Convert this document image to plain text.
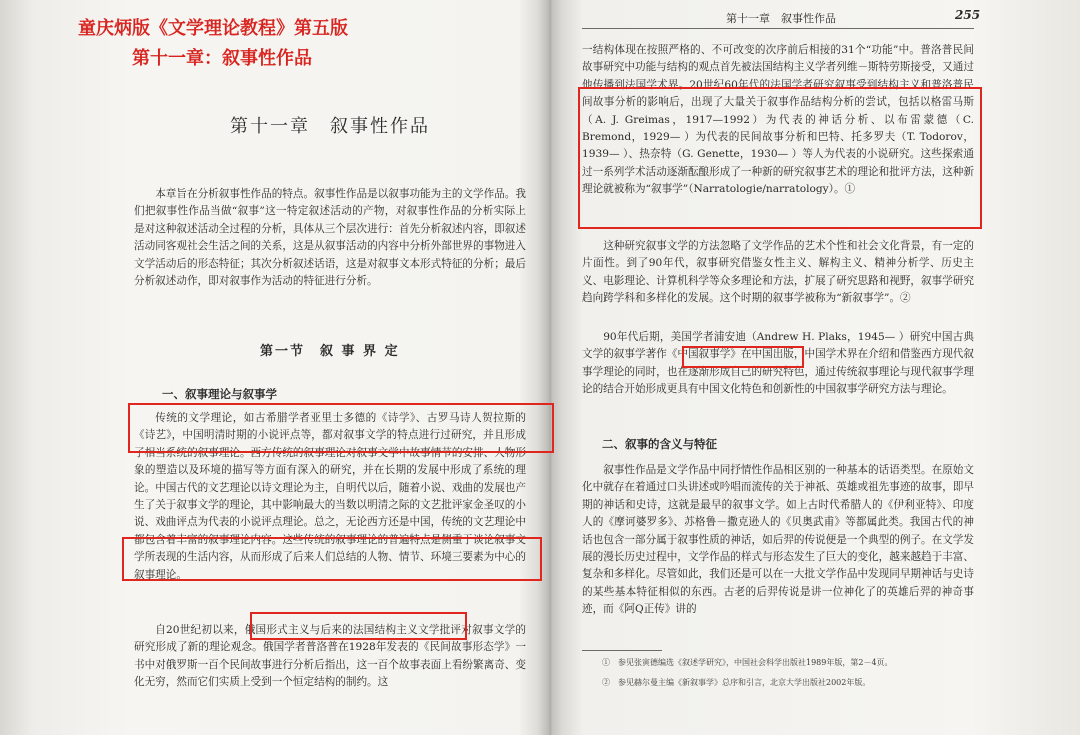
第十一章　叙事性作品
本章旨在分析叙事性作品的特点。叙事性作品是以叙事功能为主的文学作品。我们把叙事性作品当做“叙事”这一特定叙述活动的产物，对叙事性作品的分析实际上是对这种叙述活动全过程的分析，具体从三个层次进行：首先分析叙述内容，即叙述活动同客观社会生活之间的关系，这是从叙事活动的内容中分析外部世界的事物进入文学活动后的形态特征；其次分析叙述话语，这是对叙事文本形式特征的分析；最后分析叙述动作，即对叙事作为活动的特征进行分析。
第一节　叙 事 界 定
一、叙事理论与叙事学
传统的文学理论，如古希腊学者亚里士多德的《诗学》、古罗马诗人贺拉斯的《诗艺》，中国明清时期的小说评点等，都对叙事文学的特点进行过研究，并且形成了相当系统的叙事理论。西方传统的叙事理论对叙事文学中故事情节的安排、人物形象的塑造以及环境的描写等方面有深入的研究，并在长期的发展中形成了系统的理论。中国古代的文艺理论以诗文理论为主，自明代以后，随着小说、戏曲的发展也产生了关于叙事文学的理论，其中影响最大的当数以明清之际的文艺批评家金圣叹的小说、戏曲评点为代表的小说评点理论。总之，无论西方还是中国，传统的文艺理论中都包含着丰富的叙事理论内容。这些传统的叙事理论的普遍特点是侧重于谈论叙事文学所表现的生活内容，从而形成了后来人们总结的人物、情节、环境三要素为中心的叙事理论。
自20世纪初以来，俄国形式主义与后来的法国结构主义文学批评对叙事文学的研究形成了新的理论观念。俄国学者普洛普在1928年发表的《民间故事形态学》一书中对俄罗斯一百个民间故事进行分析后指出，这一百个故事表面上看纷繁离奇、变化无穷，然而它们实质上受到一个恒定结构的制约。这
第十一章　叙事性作品	255
一结构体现在按照严格的、不可改变的次序前后相接的31个“功能”中。普洛普民间故事研究中功能与结构的观点首先被法国结构主义学者列维－斯特劳斯接受，又通过他传播到法国学术界。20世纪60年代的法国学者研究叙事受到结构主义和普洛普民间故事分析的影响后，出现了大量关于叙事作品结构分析的尝试，包括以格雷马斯（A. J. Greimas，1917—1992）为代表的神话分析、以布雷蒙德（C. Bremond，1929— ）为代表的民间故事分析和巴特、托多罗夫（T. Todorov，1939— ）、热奈特（G. Genette，1930— ）等人为代表的小说研究。这些探索通过一系列学术活动逐渐酝酿形成了一种新的研究叙事艺术的理论和批评方法，这种新理论就被称为“叙事学”（Narratologie/narratology）。①
这种研究叙事文学的方法忽略了文学作品的艺术个性和社会文化背景，有一定的片面性。到了90年代，叙事研究借鉴女性主义、解构主义、精神分析学、历史主义、电影理论、计算机科学等众多理论和方法，扩展了研究思路和视野，叙事学研究趋向跨学科和多样化的发展。这个时期的叙事学被称为“新叙事学”。②
90年代后期，美国学者浦安迪（Andrew H. Plaks，1945— ）研究中国古典文学的叙事学著作《中国叙事学》在中国出版，中国学术界在介绍和借鉴西方现代叙事学理论的同时，也在逐渐形成自己的研究特色，通过传统叙事理论与现代叙事学理论的结合开始形成更具有中国文化特色和创新性的中国叙事学研究方法与理论。
二、叙事的含义与特征
叙事性作品是文学作品中同抒情性作品相区别的一种基本的话语类型。在原始文化中就存在着通过口头讲述或吟唱而流传的关于神祇、英雄或祖先事迹的故事，即早期的神话和史诗，这就是最早的叙事文学。如上古时代希腊人的《伊利亚特》、印度人的《摩诃婆罗多》、苏格鲁－撒克逊人的《贝奥武甫》等都属此类。我国古代的神话也包含一部分属于叙事性质的神话，如后羿的传说便是一个典型的例子。在文学发展的漫长历史过程中，文学作品的样式与形态发生了巨大的变化，越来越趋于丰富、复杂和多样化。尽管如此，我们还是可以在一大批文学作品中发现同早期神话与史诗的某些基本特征相似的东西。古老的后羿传说是讲一位神化了的英雄后羿的神奇事迹，而《阿Q正传》讲的
①　参见张寅德编选《叙述学研究》，中国社会科学出版社1989年版，第2－4页。
②　参见赫尔曼主编《新叙事学》总序和引言，北京大学出版社2002年版。
童庆炳版《文学理论教程》第五版
第十一章：叙事性作品
